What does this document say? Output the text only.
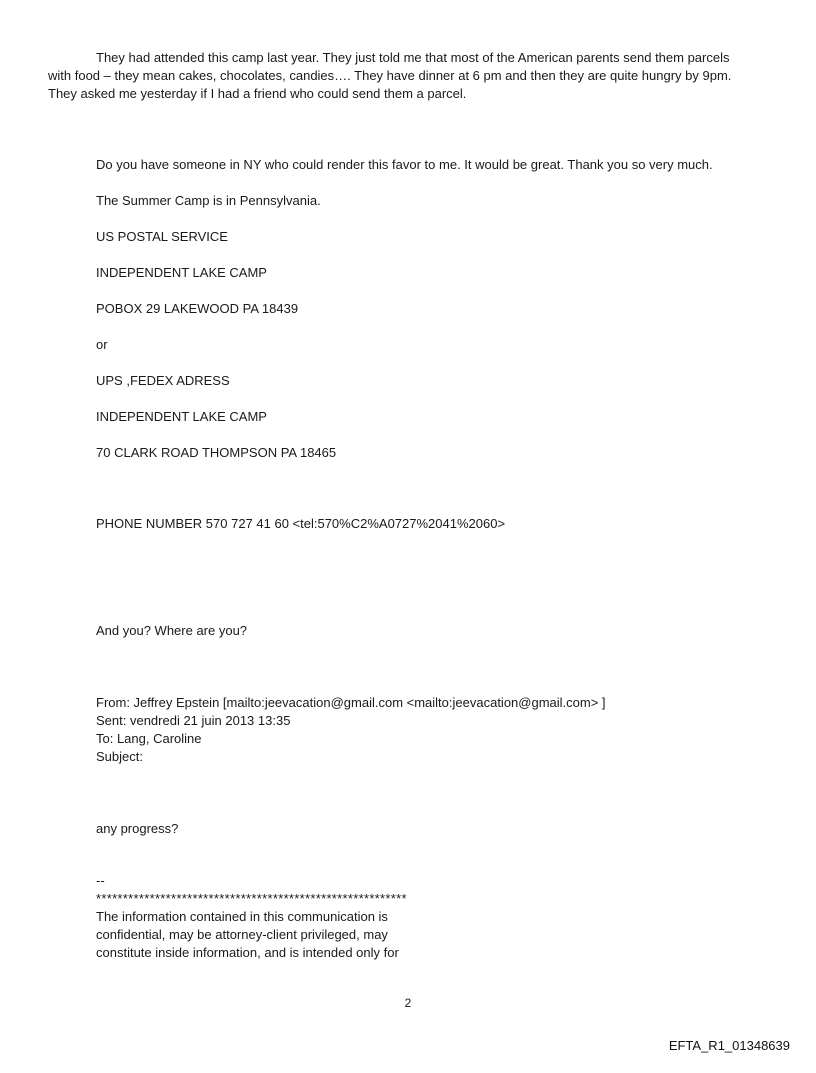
They had attended this camp last year. They just told me that most of the American parents send them parcels
with food – they mean cakes, chocolates, candies…. They have dinner at 6 pm and then they are quite hungry by 9pm.
They asked me yesterday if I had a friend who could send them a parcel.
Do you have someone in NY who could render this favor to me. It would be great. Thank you so very much.
The Summer Camp is in Pennsylvania.
US POSTAL SERVICE
INDEPENDENT LAKE CAMP
POBOX 29 LAKEWOOD PA 18439
or
UPS ,FEDEX ADRESS
INDEPENDENT LAKE CAMP
70 CLARK ROAD THOMPSON PA 18465
PHONE NUMBER 570 727 41 60 <tel:570%C2%A0727%2041%2060>
And you? Where are you?
From: Jeffrey Epstein [mailto:jeevacation@gmail.com <mailto:jeevacation@gmail.com> ]
Sent: vendredi 21 juin 2013 13:35
To: Lang, Caroline
Subject:
any progress?
--
**********************************************************
The information contained in this communication is
confidential, may be attorney-client privileged, may
constitute inside information, and is intended only for
2
EFTA_R1_01348639
